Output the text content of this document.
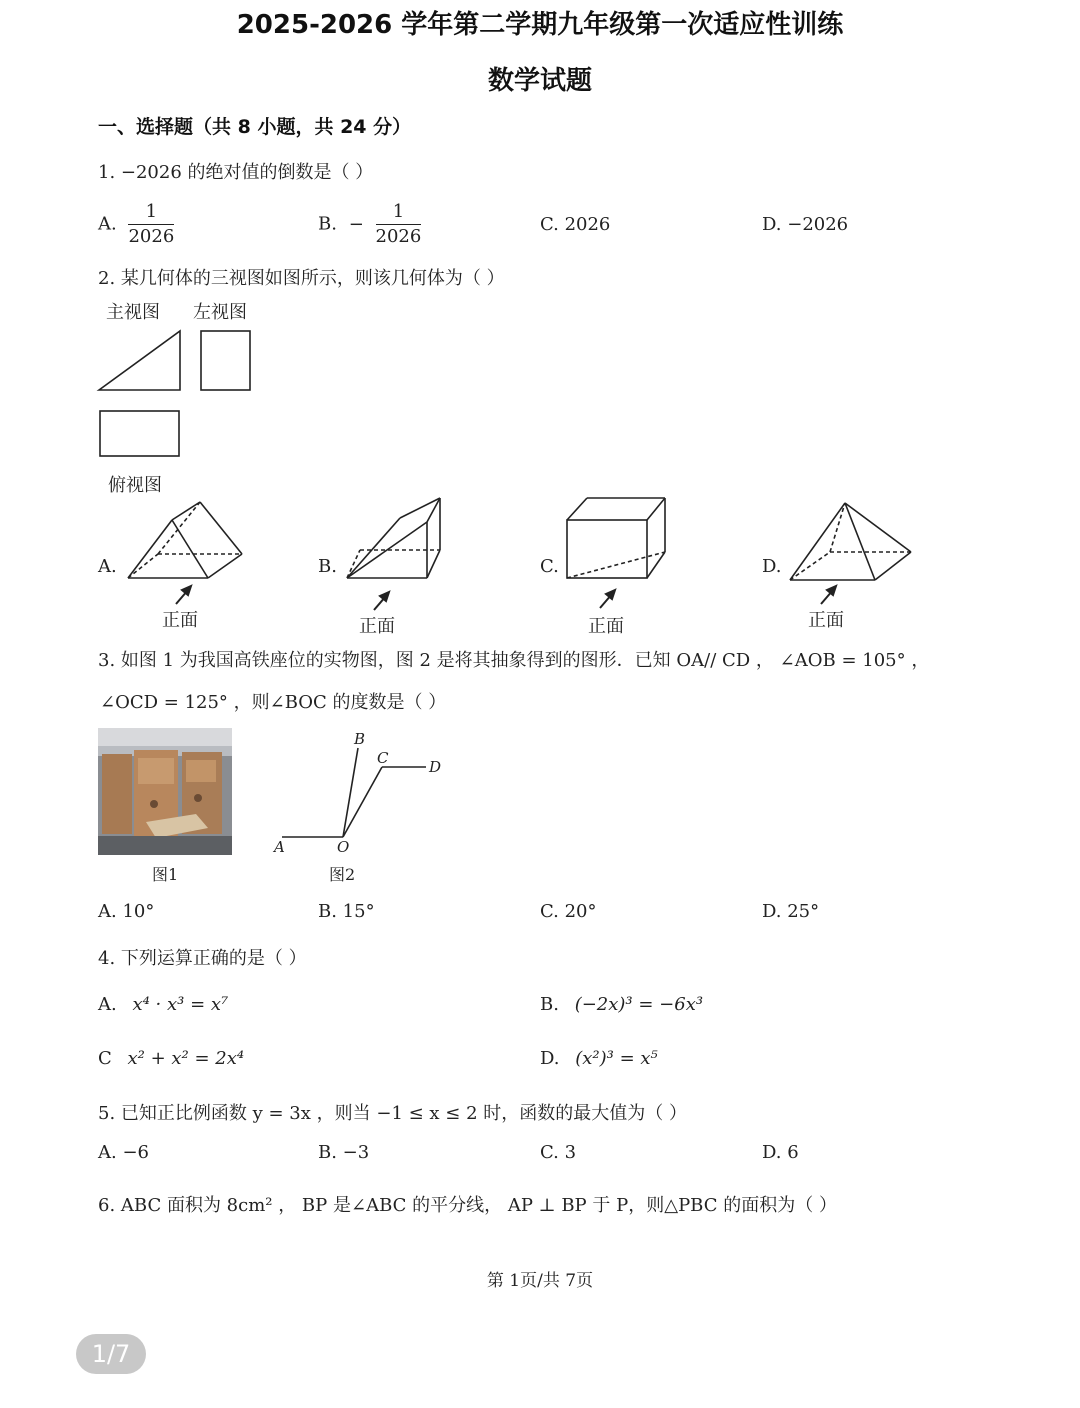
2025-2026 学年第二学期九年级第一次适应性训练
数学试题
一、选择题（共 8 小题，共 24 分）
1. −2026 的绝对值的倒数是（ ）
A. $\frac{1}{2026}$	B. − $\frac{1}{2026}$	C. 2026	D. −2026
2. 某几何体的三视图如图所示，则该几何体为（ ）
主视图 左视图
俯视图
A.	B.	C.	D.
正面	正面	正面	正面
3. 如图 1 为我国高铁座位的实物图，图 2 是将其抽象得到的图形．已知 OA// CD ， ∠AOB = 105° ，
∠OCD = 125° ，则∠BOC 的度数是（ ）
图1
A	O
B
C	D
图2
A. 10°	B. 15°	C. 20°	D. 25°
4. 下列运算正确的是（ ）
A. x⁴ · x³ = x⁷	B. (−2x)³ = −6x³
C x² + x² = 2x⁴	D. (x²)³ = x⁵
5. 已知正比例函数 y = 3x ，则当 −1 ≤ x ≤ 2 时，函数的最大值为（ ）
A. −6	B. −3	C. 3	D. 6
6. ABC 面积为 8cm² ， BP 是∠ABC 的平分线， AP ⊥ BP 于 P，则△PBC 的面积为（ ）
第 1页/共 7页
1/7
